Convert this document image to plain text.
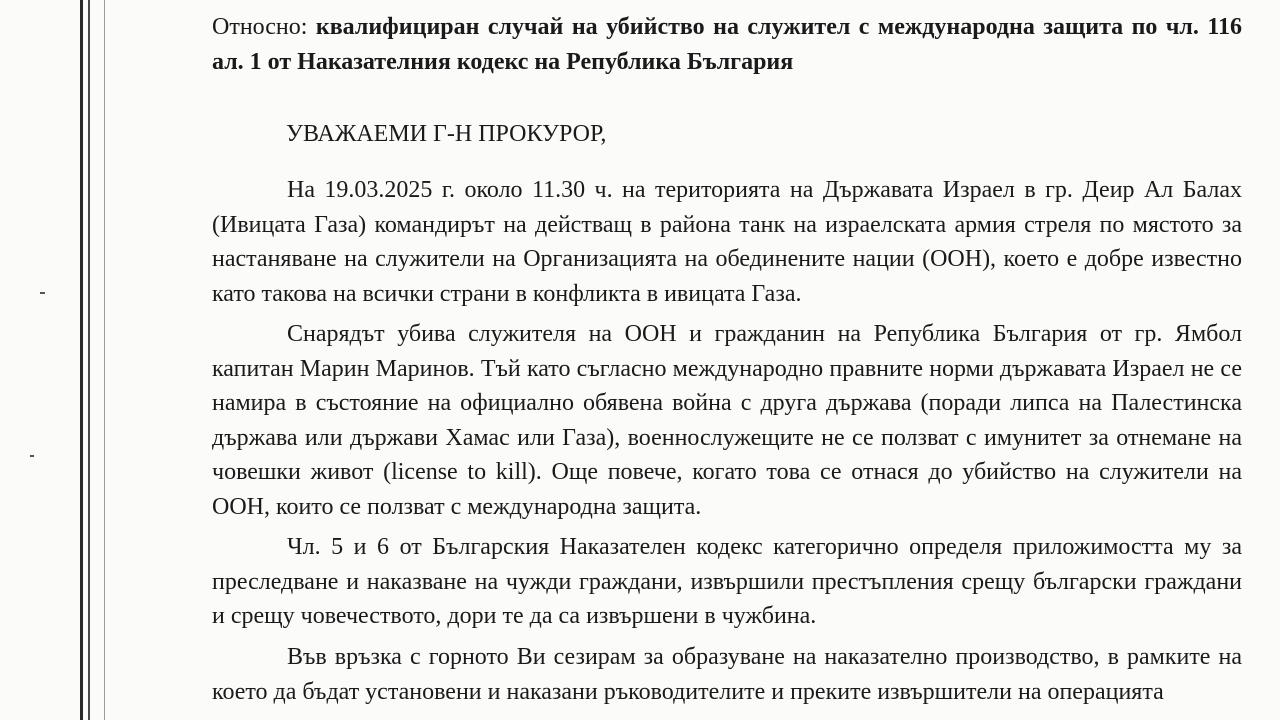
Относно: квалифициран случай на убийство на служител с международна защита по чл. 116 ал. 1 от Наказателния кодекс на Република България
УВАЖАЕМИ Г-Н ПРОКУРОР,

На 19.03.2025 г. около 11.30 ч. на територията на Държавата Израел в гр. Деир Ал Балах (Ивицата Газа) командирът на действащ в района танк на израелската армия стреля по мястото за настаняване на служители на Организацията на обединените нации (ООН), което е добре известно като такова на всички страни в конфликта в ивицата Газа.

Снарядът убива служителя на ООН и гражданин на Република България от гр. Ямбол капитан Марин Маринов. Тъй като съгласно международно правните норми държавата Израел не се намира в състояние на официално обявена война с друга държава (поради липса на Палестинска държава или държави Хамас или Газа), военнослужещите не се ползват с имунитет за отнемане на човешки живот (license to kill). Още повече, когато това се отнася до убийство на служители на ООН, които се ползват с международна защита.

Чл. 5 и 6 от Българския Наказателен кодекс категорично определя приложимостта му за преследване и наказване на чужди граждани, извършили престъпления срещу български граждани и срещу човечеството, дори те да са извършени в чужбина.

Във връзка с горното Ви сезирам за образуване на наказателно производство, в рамките на което да бъдат установени и наказани ръководителите и преките извършители на операцията
